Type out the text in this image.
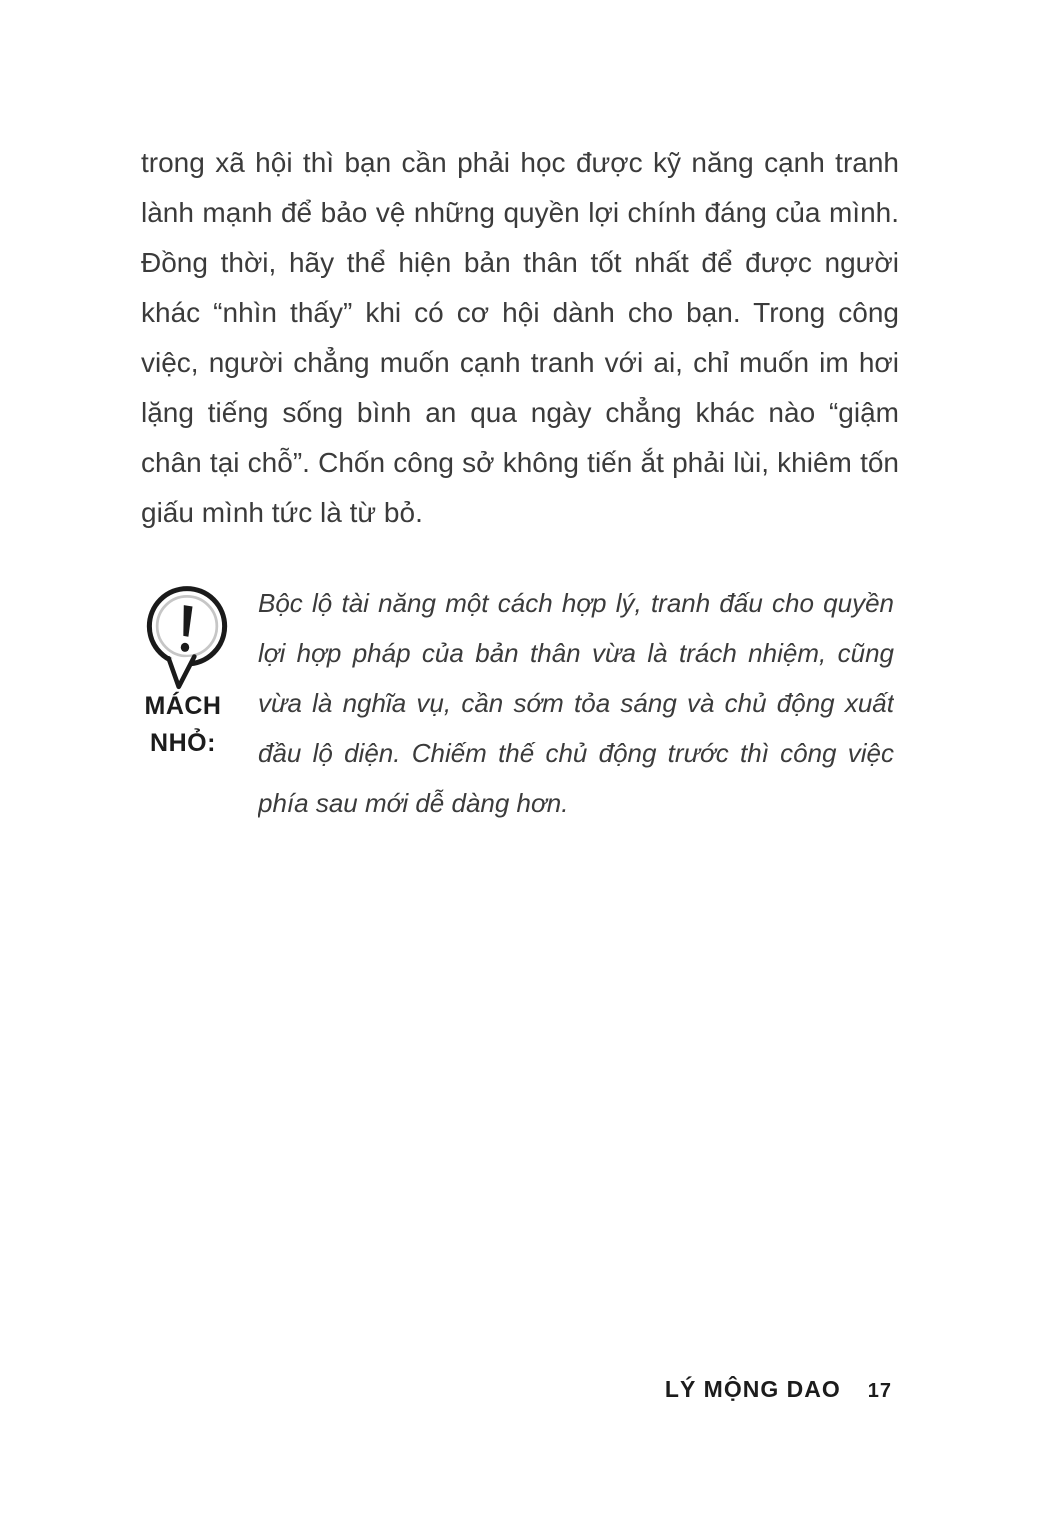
trong xã hội thì bạn cần phải học được kỹ năng cạnh tranh
lành mạnh để bảo vệ những quyền lợi chính đáng của mình.
Đồng thời, hãy thể hiện bản thân tốt nhất để được người
khác “nhìn thấy” khi có cơ hội dành cho bạn. Trong công
việc, người chẳng muốn cạnh tranh với ai, chỉ muốn im hơi
lặng tiếng sống bình an qua ngày chẳng khác nào “giậm
chân tại chỗ”. Chốn công sở không tiến ắt phải lùi, khiêm tốn
giấu mình tức là từ bỏ.
MÁCH
NHỎ:
Bộc lộ tài năng một cách hợp lý, tranh đấu cho quyền
lợi hợp pháp của bản thân vừa là trách nhiệm, cũng
vừa là nghĩa vụ, cần sớm tỏa sáng và chủ động xuất
đầu lộ diện. Chiếm thế chủ động trước thì công việc
phía sau mới dễ dàng hơn.
LÝ MỘNG DAO 17
